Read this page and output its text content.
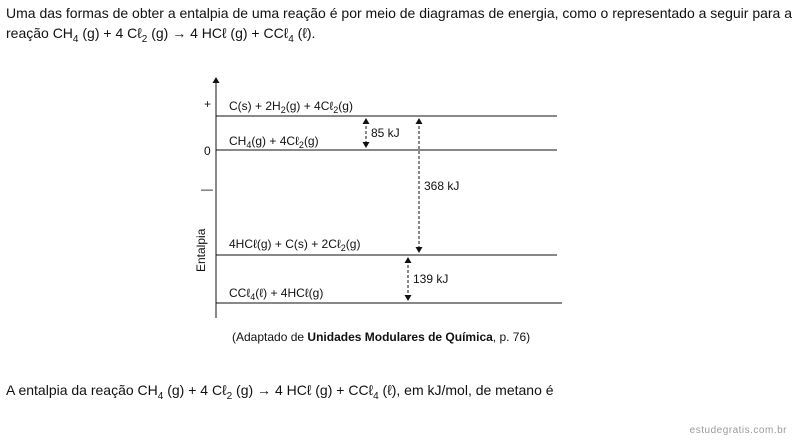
Uma das formas de obter a entalpia de uma reação é por meio de diagramas de energia, como o representado a seguir para a reação $CH_4$ (g) + 4 Cℓ$_2$ (g) → 4 HCℓ (g) + CCℓ$_4$ (ℓ).
Entalpia
+
0
—
$C(s) + 2H_2(g)$ + 4Cℓ$_2$(g)
$CH_4(g)$ + 4Cℓ$_2$(g)
4HCℓ(g) + C(s) + 2Cℓ$_2$(g)
CCℓ$_4$(ℓ) + 4HCℓ(g)
85 kJ
368 kJ
139 kJ
(Adaptado de Unidades Modulares de Química, p. 76)
A entalpia da reação $CH_4$ (g) + 4 Cℓ$_2$ (g) → 4 HCℓ (g) + CCℓ$_4$ (ℓ), em kJ/mol, de metano é
estudegratis.com.br
